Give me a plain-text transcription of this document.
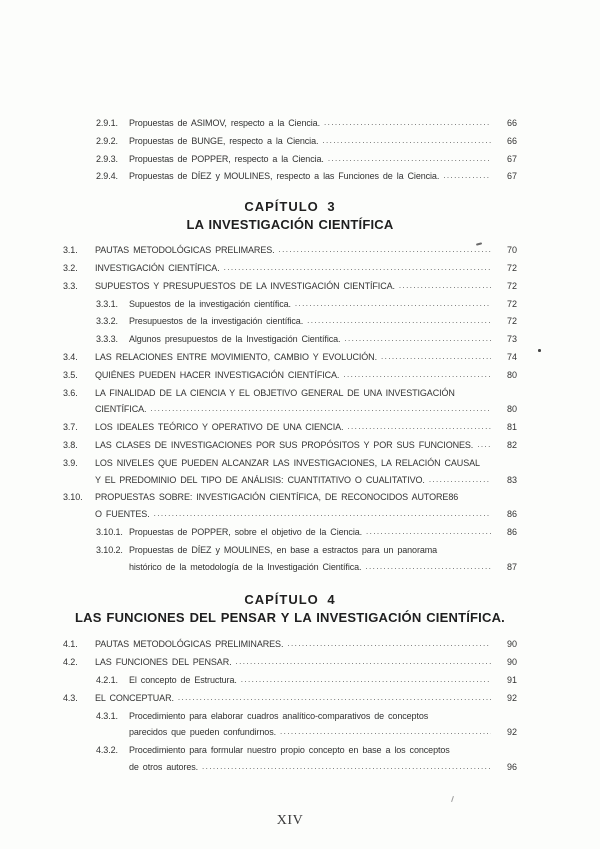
2.9.1.	Propuestas de ASIMOV, respecto a la Ciencia. .....	66
2.9.2.	Propuestas de BUNGE, respecto a la Ciencia. .....	66
2.9.3.	Propuestas de POPPER, respecto a la Ciencia. .....	67
2.9.4.	Propuestas de DÍEZ y MOULINES, respecto a las Funciones de la Ciencia. .....	67
CAPÍTULO 3
LA INVESTIGACIÓN CIENTÍFICA
3.1.	PAUTAS METODOLÓGICAS PRELIMARES. .....	70
3.2.	INVESTIGACIÓN CIENTÍFICA. .....	72
3.3.	SUPUESTOS Y PRESUPUESTOS DE LA INVESTIGACIÓN CIENTÍFICA. .....	72
3.3.1.	Supuestos de la investigación científica. .....	72
3.3.2.	Presupuestos de la investigación científica. .....	72
3.3.3.	Algunos presupuestos de la Investigación Científica. .....	73
3.4.	LAS RELACIONES ENTRE MOVIMIENTO, CAMBIO Y EVOLUCIÓN. .....	74
3.5.	QUIÉNES PUEDEN HACER INVESTIGACIÓN CIENTÍFICA. .....	80
3.6.	LA FINALIDAD DE LA CIENCIA Y EL OBJETIVO GENERAL DE UNA INVESTIGACIÓN
CIENTÍFICA. .....	80
3.7.	LOS IDEALES TEÓRICO Y OPERATIVO DE UNA CIENCIA. .....	81
3.8.	LAS CLASES DE INVESTIGACIONES POR SUS PROPÓSITOS Y POR SUS FUNCIONES. .....	82
3.9.	LOS NIVELES QUE PUEDEN ALCANZAR LAS INVESTIGACIONES, LA RELACIÓN CAUSAL
Y EL PREDOMINIO DEL TIPO DE ANÁLISIS: CUANTITATIVO O CUALITATIVO. .....	83
3.10.	PROPUESTAS SOBRE: INVESTIGACIÓN CIENTÍFICA, DE RECONOCIDOS AUTORE86
O FUENTES. .....	86
3.10.1. Propuestas de POPPER, sobre el objetivo de la Ciencia. .....	86
3.10.2. Propuestas de DÍEZ y MOULINES, en base a estractos para un panorama
histórico de la metodología de la Investigación Científica. .....	87
CAPÍTULO 4
LAS FUNCIONES DEL PENSAR Y LA INVESTIGACIÓN CIENTÍFICA.
4.1.	PAUTAS METODOLÓGICAS PRELIMINARES. .....	90
4.2.	LAS FUNCIONES DEL PENSAR. .....	90
4.2.1.	El concepto de Estructura. .....	91
4.3.	EL CONCEPTUAR. .....	92
4.3.1.	Procedimiento para elaborar cuadros analítico-comparativos de conceptos
parecidos que pueden confundirnos. .....	92
4.3.2.	Procedimiento para formular nuestro propio concepto en base a los conceptos
de otros autores. .....	96
XIV
